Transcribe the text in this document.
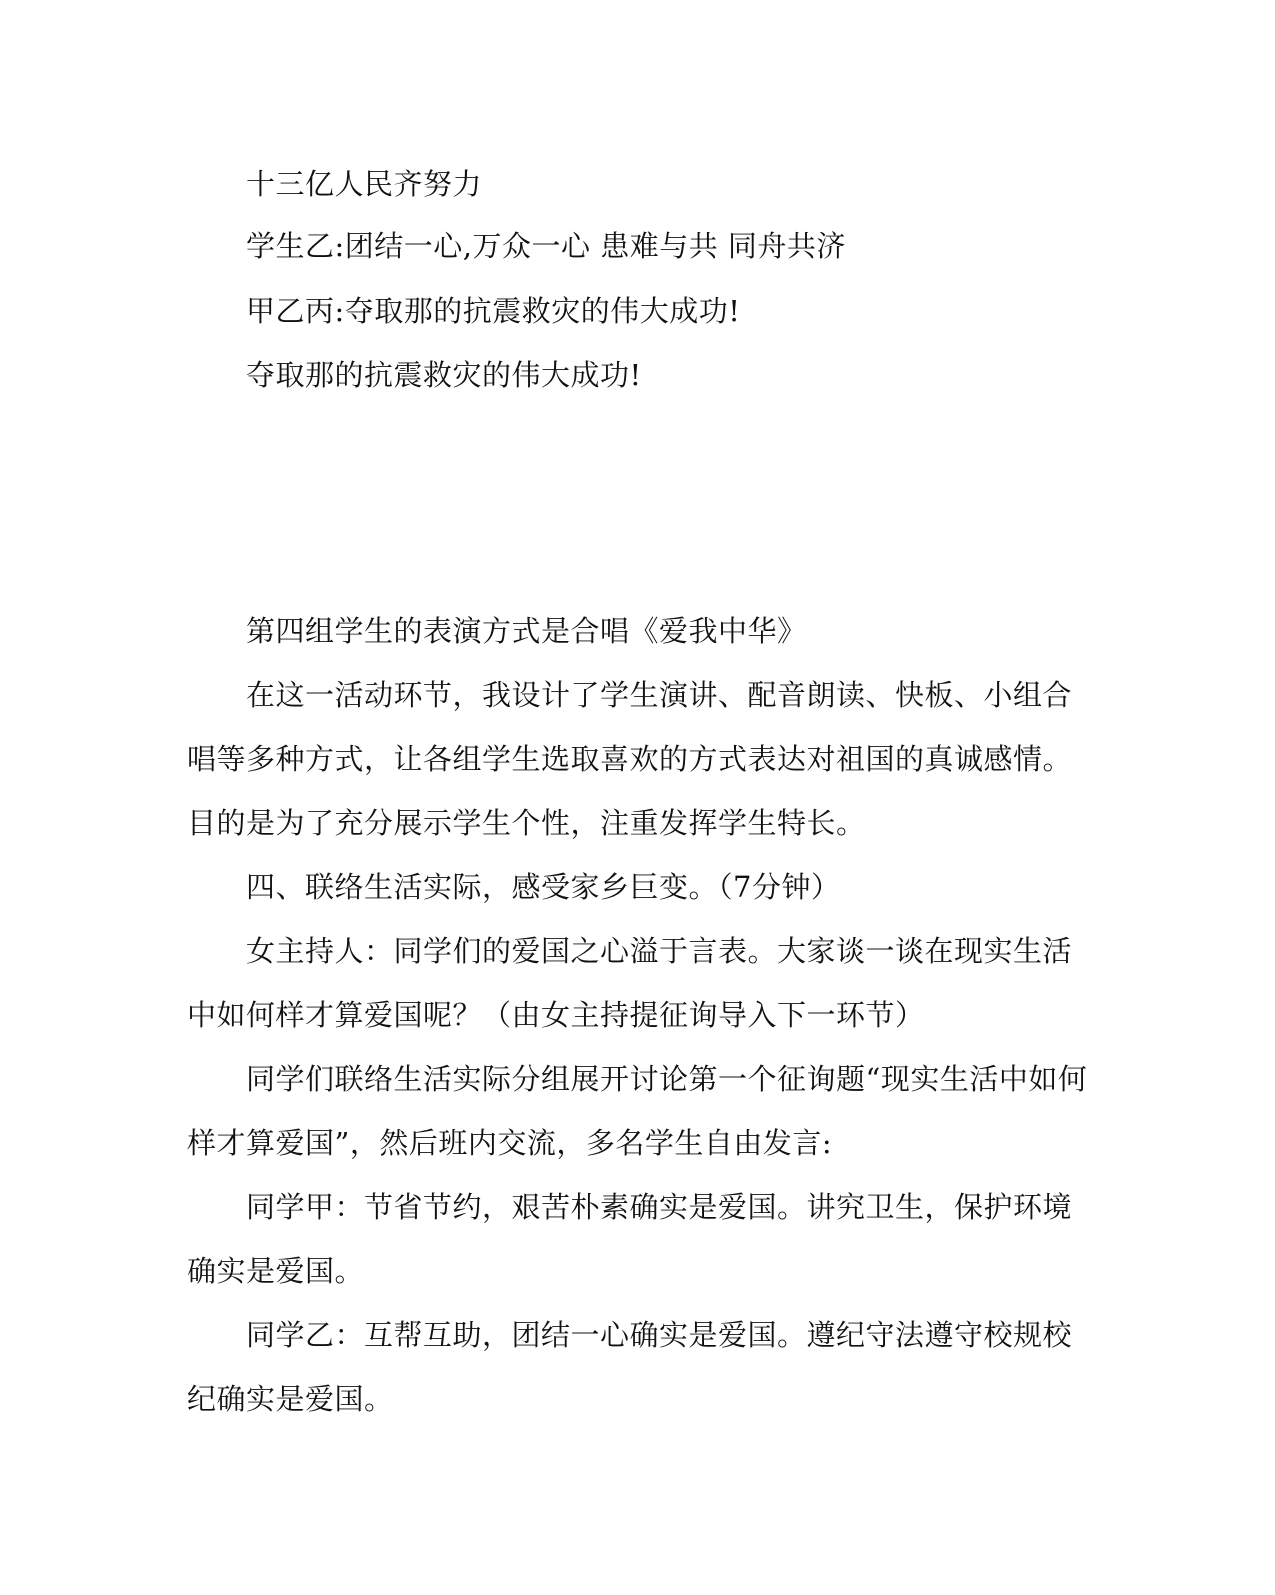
十三亿人民齐努力
学生乙:团结一心,万众一心 患难与共 同舟共济
甲乙丙:夺取那的抗震救灾的伟大成功!
夺取那的抗震救灾的伟大成功!
第四组学生的表演方式是合唱《爱我中华》
在这一活动环节，我设计了学生演讲、配音朗读、快板、小组合
唱等多种方式，让各组学生选取喜欢的方式表达对祖国的真诚感情。
目的是为了充分展示学生个性，注重发挥学生特长。
四、联络生活实际，感受家乡巨变。（7分钟）
女主持人：同学们的爱国之心溢于言表。大家谈一谈在现实生活
中如何样才算爱国呢？（由女主持提征询导入下一环节）
同学们联络生活实际分组展开讨论第一个征询题“现实生活中如何
样才算爱国”，然后班内交流，多名学生自由发言:
同学甲：节省节约，艰苦朴素确实是爱国。讲究卫生，保护环境
确实是爱国。
同学乙：互帮互助，团结一心确实是爱国。遵纪守法遵守校规校
纪确实是爱国。
